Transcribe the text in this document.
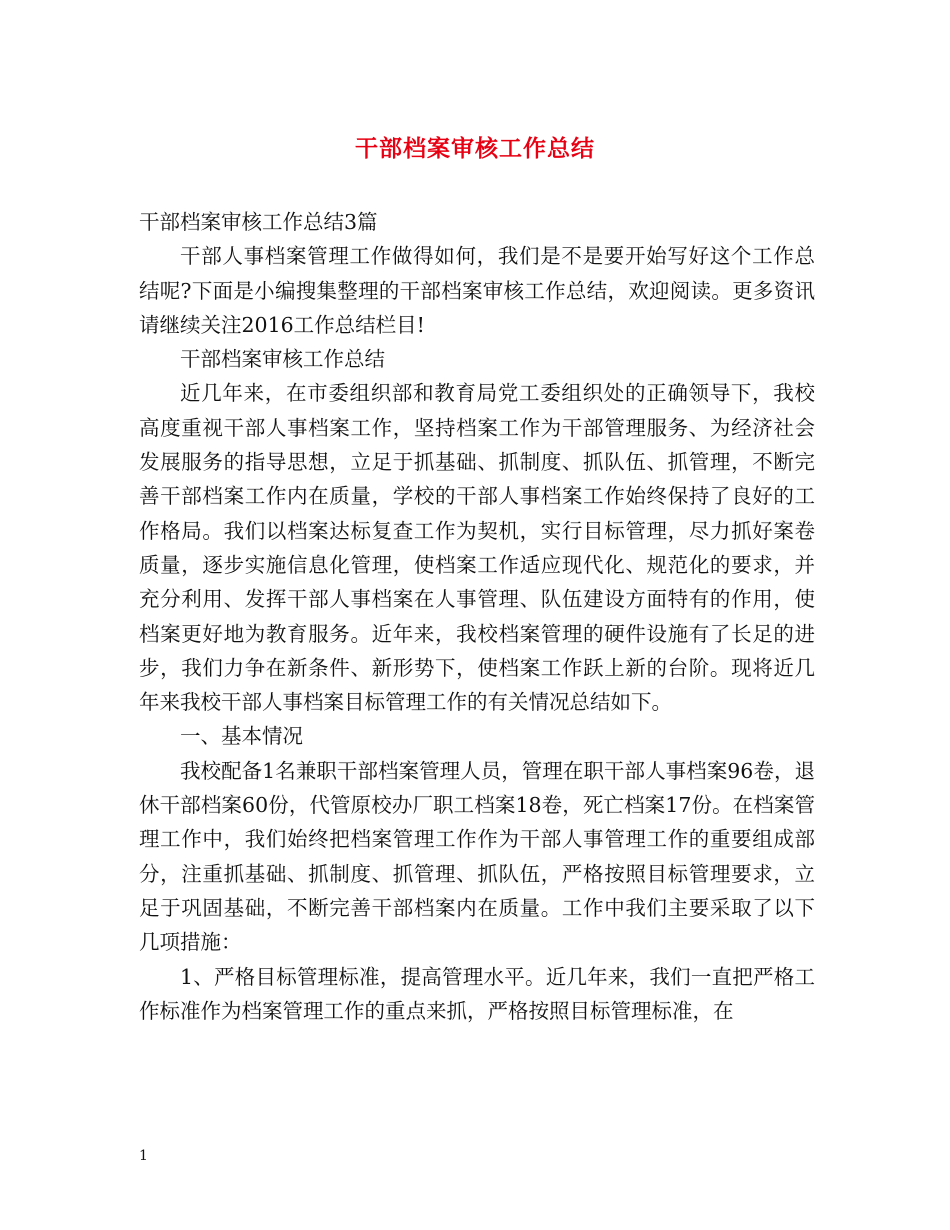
干部档案审核工作总结

干部档案审核工作总结3篇

干部人事档案管理工作做得如何，我们是不是要开始写好这个工作总结呢?下面是小编搜集整理的干部档案审核工作总结，欢迎阅读。更多资讯请继续关注2016工作总结栏目!

干部档案审核工作总结

近几年来，在市委组织部和教育局党工委组织处的正确领导下，我校高度重视干部人事档案工作，坚持档案工作为干部管理服务、为经济社会发展服务的指导思想，立足于抓基础、抓制度、抓队伍、抓管理，不断完善干部档案工作内在质量，学校的干部人事档案工作始终保持了良好的工作格局。我们以档案达标复查工作为契机，实行目标管理，尽力抓好案卷质量，逐步实施信息化管理，使档案工作适应现代化、规范化的要求，并充分利用、发挥干部人事档案在人事管理、队伍建设方面特有的作用，使档案更好地为教育服务。近年来，我校档案管理的硬件设施有了长足的进步，我们力争在新条件、新形势下，使档案工作跃上新的台阶。现将近几年来我校干部人事档案目标管理工作的有关情况总结如下。

一、基本情况

我校配备1名兼职干部档案管理人员，管理在职干部人事档案96卷，退休干部档案60份，代管原校办厂职工档案18卷，死亡档案17份。在档案管理工作中，我们始终把档案管理工作作为干部人事管理工作的重要组成部分，注重抓基础、抓制度、抓管理、抓队伍，严格按照目标管理要求，立足于巩固基础，不断完善干部档案内在质量。工作中我们主要采取了以下几项措施：

1、严格目标管理标准，提高管理水平。近几年来，我们一直把严格工作标准作为档案管理工作的重点来抓，严格按照目标管理标准，在

1
